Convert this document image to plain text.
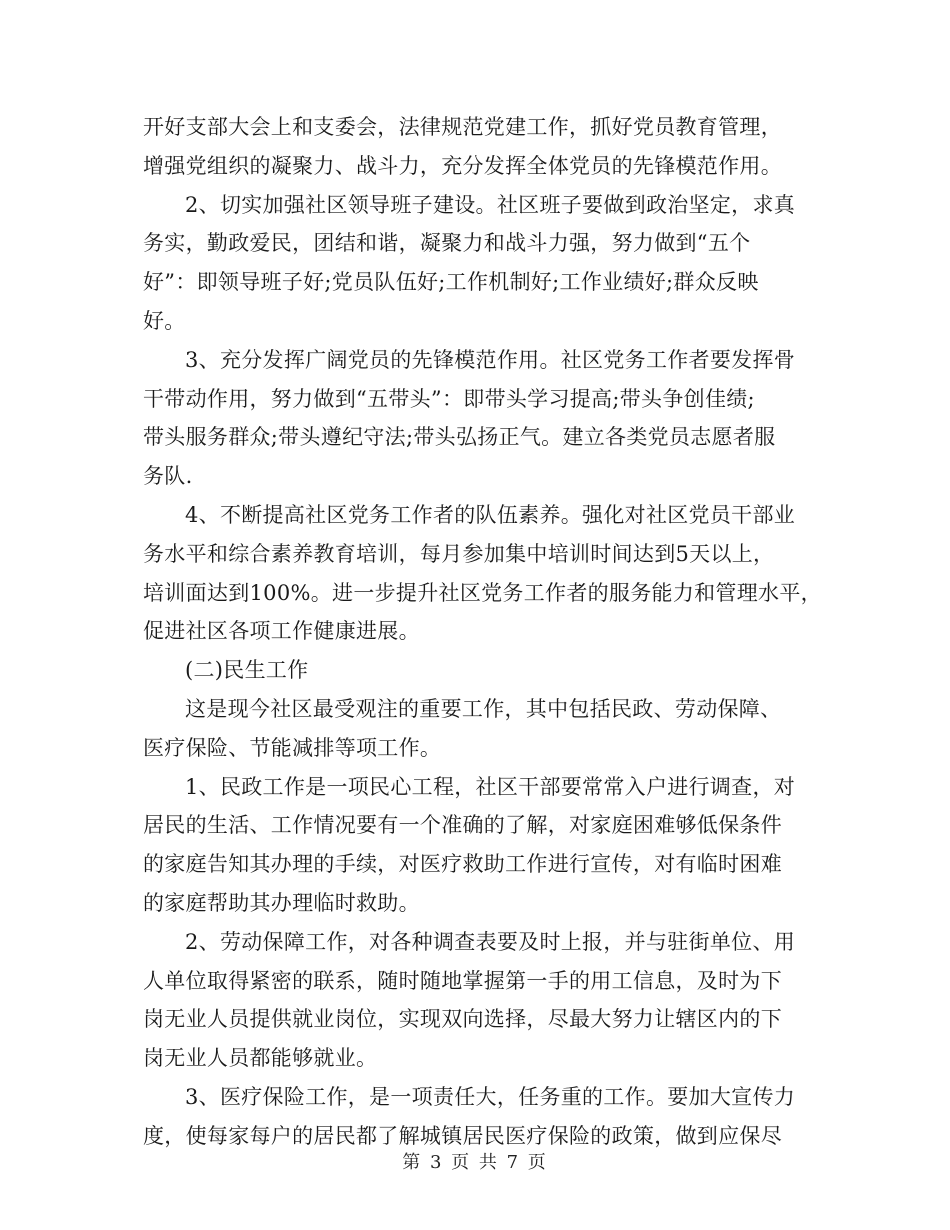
开好支部大会上和支委会，法律规范党建工作，抓好党员教育管理，
增强党组织的凝聚力、战斗力，充分发挥全体党员的先锋模范作用。
2、切实加强社区领导班子建设。社区班子要做到政治坚定，求真
务实，勤政爱民，团结和谐，凝聚力和战斗力强，努力做到“五个
好”：即领导班子好;党员队伍好;工作机制好;工作业绩好;群众反映
好。
3、充分发挥广阔党员的先锋模范作用。社区党务工作者要发挥骨
干带动作用，努力做到“五带头”：即带头学习提高;带头争创佳绩;
带头服务群众;带头遵纪守法;带头弘扬正气。建立各类党员志愿者服
务队.
4、不断提高社区党务工作者的队伍素养。强化对社区党员干部业
务水平和综合素养教育培训，每月参加集中培训时间达到5天以上，
培训面达到100%。进一步提升社区党务工作者的服务能力和管理水平，
促进社区各项工作健康进展。
(二)民生工作
这是现今社区最受观注的重要工作，其中包括民政、劳动保障、
医疗保险、节能减排等项工作。
1、民政工作是一项民心工程，社区干部要常常入户进行调查，对
居民的生活、工作情况要有一个准确的了解，对家庭困难够低保条件
的家庭告知其办理的手续，对医疗救助工作进行宣传，对有临时困难
的家庭帮助其办理临时救助。
2、劳动保障工作，对各种调查表要及时上报，并与驻街单位、用
人单位取得紧密的联系，随时随地掌握第一手的用工信息，及时为下
岗无业人员提供就业岗位，实现双向选择，尽最大努力让辖区内的下
岗无业人员都能够就业。
3、医疗保险工作，是一项责任大，任务重的工作。要加大宣传力
度，使每家每户的居民都了解城镇居民医疗保险的政策，做到应保尽
第 3 页 共 7 页
